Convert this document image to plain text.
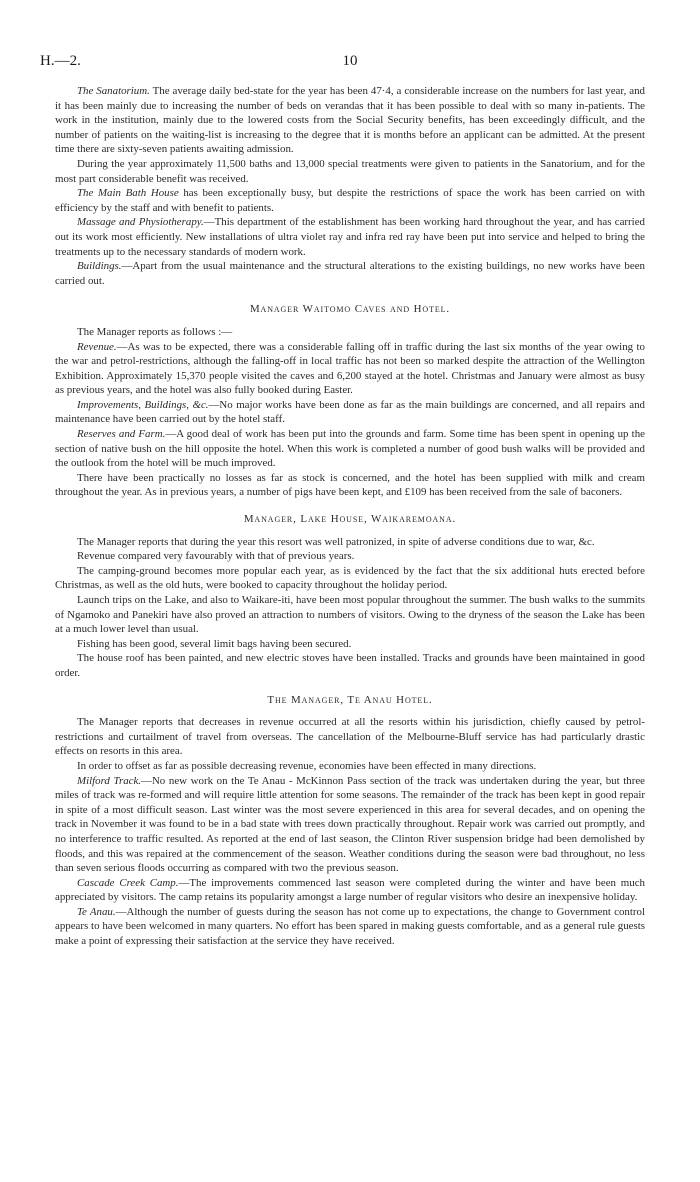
H.—2.	10

The Sanatorium. The average daily bed-state for the year has been 47·4, a considerable increase on the numbers for last year, and it has been mainly due to increasing the number of beds on verandas that it has been possible to deal with so many in-patients. The work in the institution, mainly due to the lowered costs from the Social Security benefits, has been exceedingly difficult, and the number of patients on the waiting-list is increasing to the degree that it is months before an applicant can be admitted. At the present time there are sixty-seven patients awaiting admission.

During the year approximately 11,500 baths and 13,000 special treatments were given to patients in the Sanatorium, and for the most part considerable benefit was received.

The Main Bath House has been exceptionally busy, but despite the restrictions of space the work has been carried on with efficiency by the staff and with benefit to patients.

Massage and Physiotherapy.—This department of the establishment has been working hard throughout the year, and has carried out its work most efficiently. New installations of ultra violet ray and infra red ray have been put into service and helped to bring the treatments up to the necessary standards of modern work.

Buildings.—Apart from the usual maintenance and the structural alterations to the existing buildings, no new works have been carried out.

Manager Waitomo Caves and Hotel.

The Manager reports as follows :—

Revenue.—As was to be expected, there was a considerable falling off in traffic during the last six months of the year owing to the war and petrol-restrictions, although the falling-off in local traffic has not been so marked despite the attraction of the Wellington Exhibition. Approximately 15,370 people visited the caves and 6,200 stayed at the hotel. Christmas and January were almost as busy as previous years, and the hotel was also fully booked during Easter.

Improvements, Buildings, &c.—No major works have been done as far as the main buildings are concerned, and all repairs and maintenance have been carried out by the hotel staff.

Reserves and Farm.—A good deal of work has been put into the grounds and farm. Some time has been spent in opening up the section of native bush on the hill opposite the hotel. When this work is completed a number of good bush walks will be provided and the outlook from the hotel will be much improved.

There have been practically no losses as far as stock is concerned, and the hotel has been supplied with milk and cream throughout the year. As in previous years, a number of pigs have been kept, and £109 has been received from the sale of baconers.

Manager, Lake House, Waikaremoana.

The Manager reports that during the year this resort was well patronized, in spite of adverse conditions due to war, &c.

Revenue compared very favourably with that of previous years.

The camping-ground becomes more popular each year, as is evidenced by the fact that the six additional huts erected before Christmas, as well as the old huts, were booked to capacity throughout the holiday period.

Launch trips on the Lake, and also to Waikare-iti, have been most popular throughout the summer. The bush walks to the summits of Ngamoko and Panekiri have also proved an attraction to numbers of visitors. Owing to the dryness of the season the Lake has been at a much lower level than usual.

Fishing has been good, several limit bags having been secured.

The house roof has been painted, and new electric stoves have been installed. Tracks and grounds have been maintained in good order.

The Manager, Te Anau Hotel.

The Manager reports that decreases in revenue occurred at all the resorts within his jurisdiction, chiefly caused by petrol-restrictions and curtailment of travel from overseas. The cancellation of the Melbourne-Bluff service has had particularly drastic effects on resorts in this area.

In order to offset as far as possible decreasing revenue, economies have been effected in many directions.

Milford Track.—No new work on the Te Anau - McKinnon Pass section of the track was undertaken during the year, but three miles of track was re-formed and will require little attention for some seasons. The remainder of the track has been kept in good repair in spite of a most difficult season. Last winter was the most severe experienced in this area for several decades, and on opening the track in November it was found to be in a bad state with trees down practically throughout. Repair work was carried out promptly, and no interference to traffic resulted. As reported at the end of last season, the Clinton River suspension bridge had been demolished by floods, and this was repaired at the commencement of the season. Weather conditions during the season were bad throughout, no less than seven serious floods occurring as compared with two the previous season.

Cascade Creek Camp.—The improvements commenced last season were completed during the winter and have been much appreciated by visitors. The camp retains its popularity amongst a large number of regular visitors who desire an inexpensive holiday.

Te Anau.—Although the number of guests during the season has not come up to expectations, the change to Government control appears to have been welcomed in many quarters. No effort has been spared in making guests comfortable, and as a general rule guests make a point of expressing their satisfaction at the service they have received.
